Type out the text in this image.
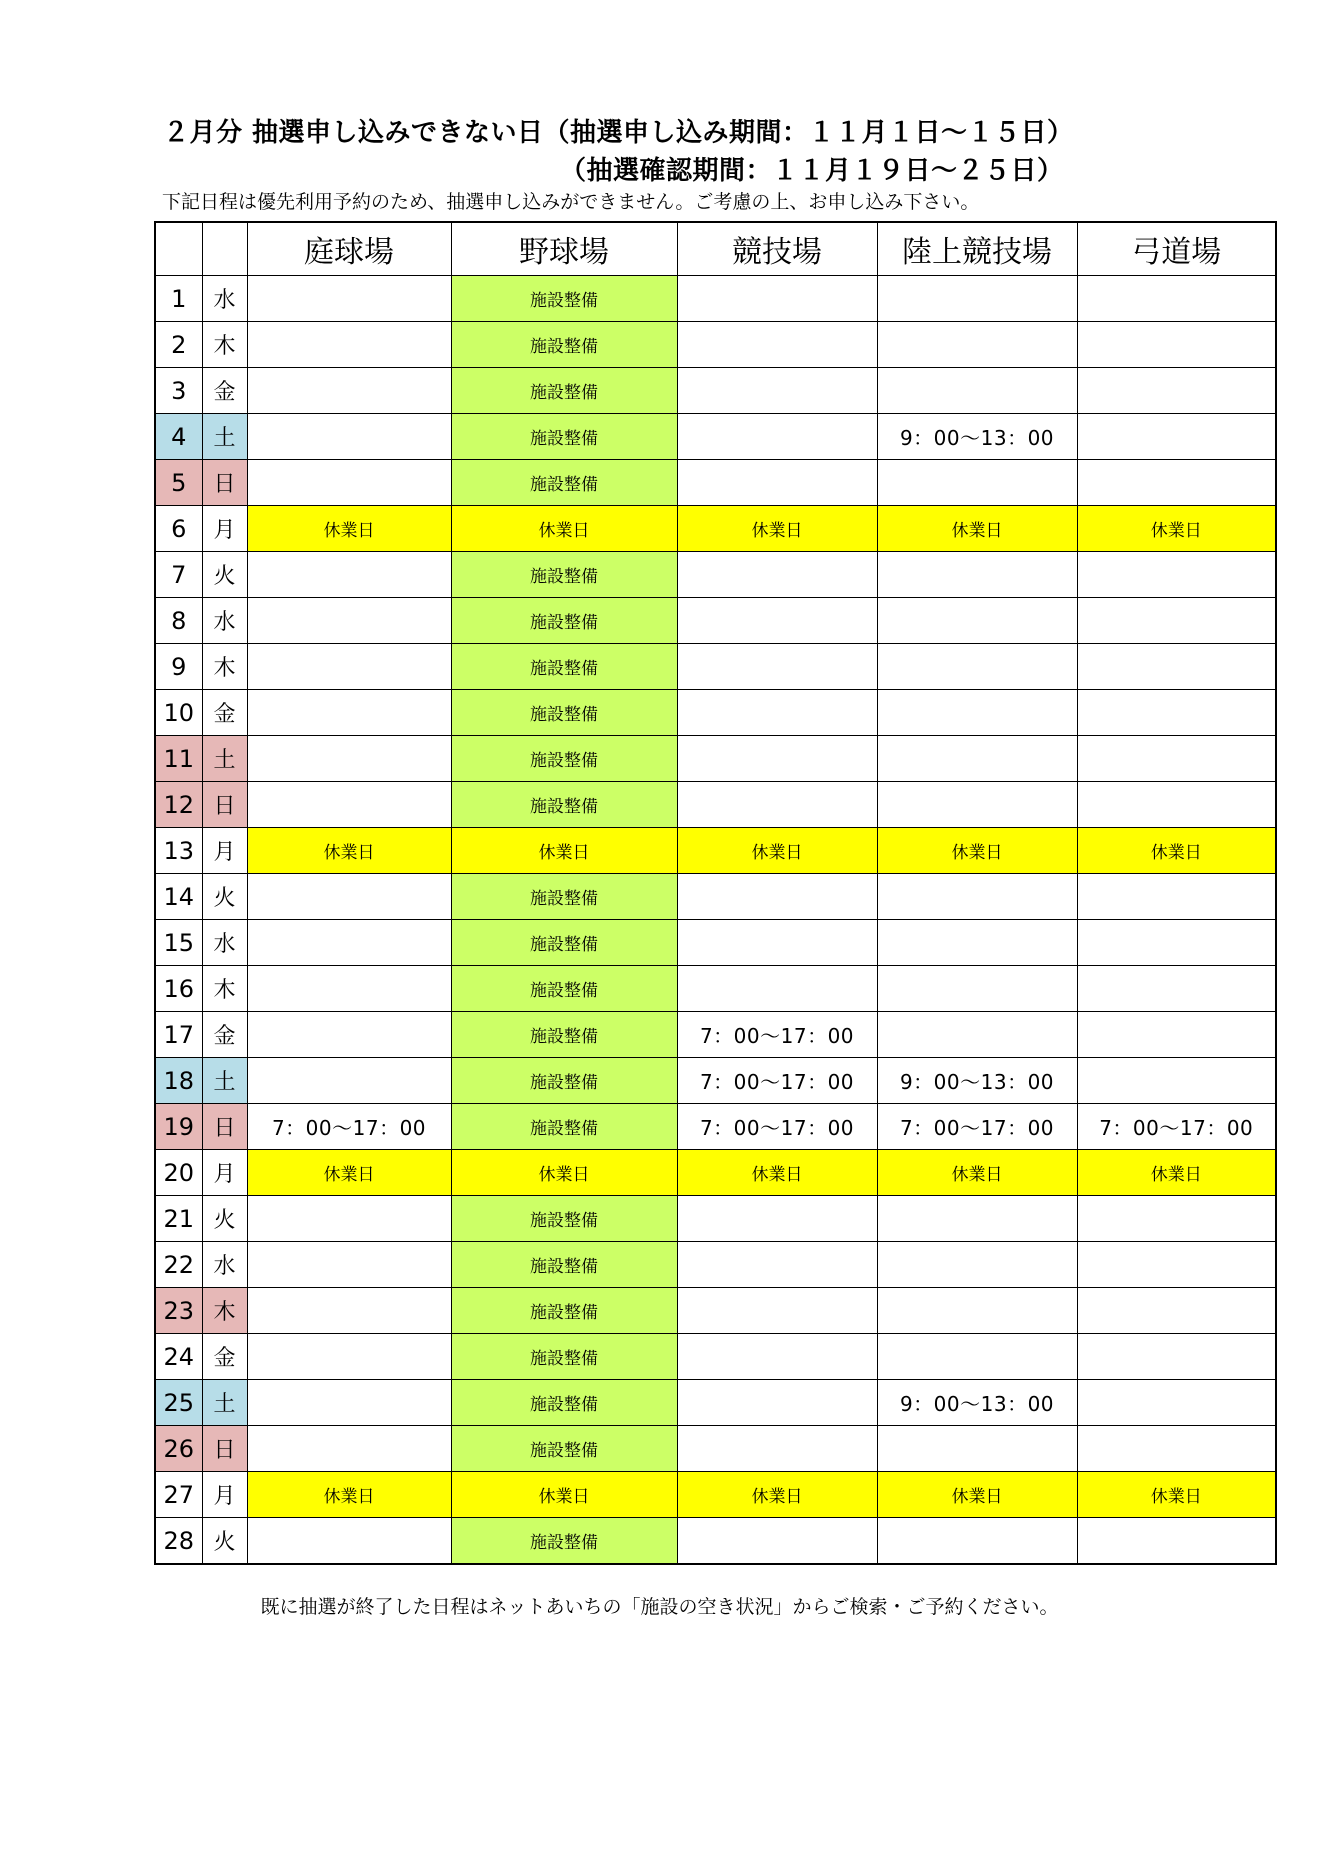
２月分 抽選申し込みできない日（抽選申し込み期間：１１月１日～１５日）
（抽選確認期間：１１月１９日～２５日）
下記日程は優先利用予約のため、抽選申し込みができません。ご考慮の上、お申し込み下さい。
		庭球場	野球場	競技場	陸上競技場	弓道場
1	水		施設整備			
2	木		施設整備			
3	金		施設整備			
4	土		施設整備		9：00～13：00	
5	日		施設整備			
6	月	休業日	休業日	休業日	休業日	休業日
7	火		施設整備			
8	水		施設整備			
9	木		施設整備			
10	金		施設整備			
11	土		施設整備			
12	日		施設整備			
13	月	休業日	休業日	休業日	休業日	休業日
14	火		施設整備			
15	水		施設整備			
16	木		施設整備			
17	金		施設整備	7：00～17：00		
18	土		施設整備	7：00～17：00	9：00～13：00	
19	日	7：00～17：00	施設整備	7：00～17：00	7：00～17：00	7：00～17：00
20	月	休業日	休業日	休業日	休業日	休業日
21	火		施設整備			
22	水		施設整備			
23	木		施設整備			
24	金		施設整備			
25	土		施設整備		9：00～13：00	
26	日		施設整備			
27	月	休業日	休業日	休業日	休業日	休業日
28	火		施設整備			
既に抽選が終了した日程はネットあいちの「施設の空き状況」からご検索・ご予約ください。
